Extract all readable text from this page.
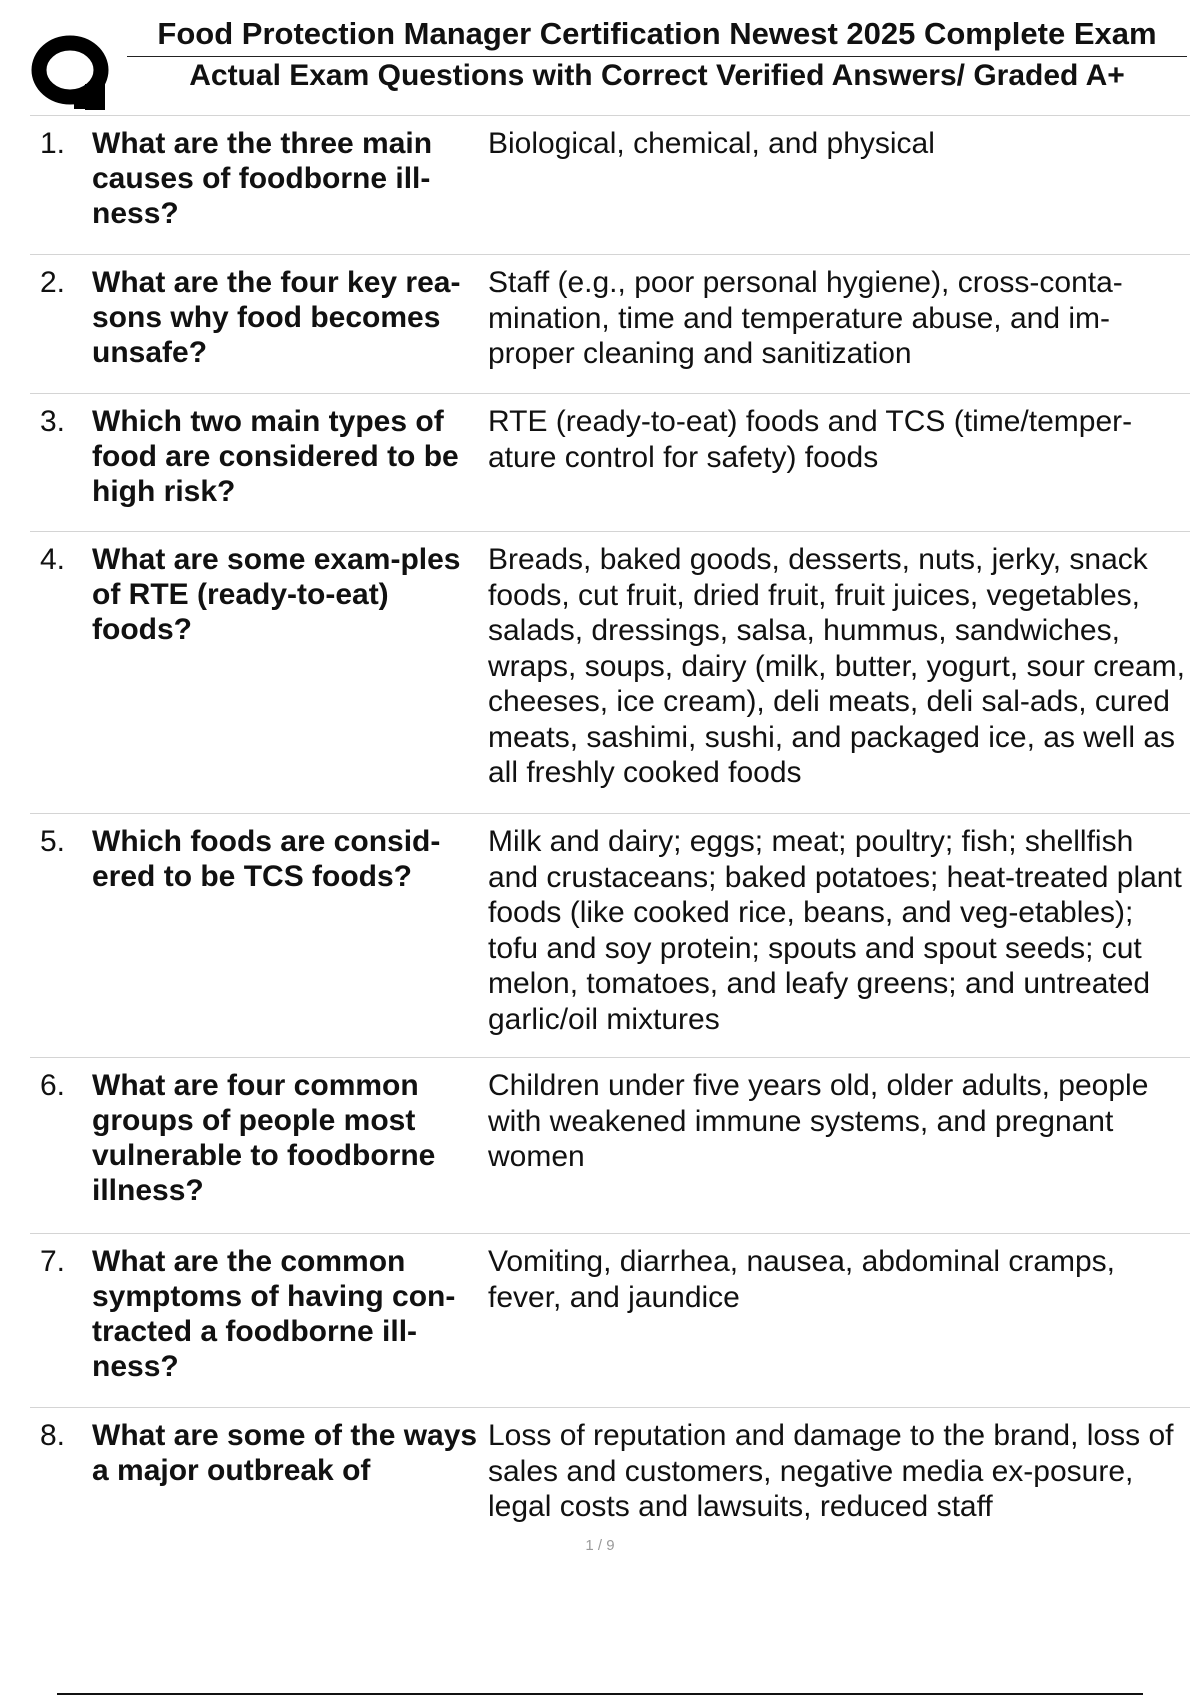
Food Protection Manager Certification Newest 2025 Complete Exam
Actual Exam Questions with Correct Verified Answers/ Graded A+
1. What are the three main causes of foodborne ill-ness?
Biological, chemical, and physical
2. What are the four key rea-sons why food becomes unsafe?
Staff (e.g., poor personal hygiene), cross-conta-mination, time and temperature abuse, and im-proper cleaning and sanitization
3. Which two main types of food are considered to be high risk?
RTE (ready-to-eat) foods and TCS (time/temper-ature control for safety) foods
4. What are some exam-ples of RTE (ready-to-eat) foods?
Breads, baked goods, desserts, nuts, jerky, snack foods, cut fruit, dried fruit, fruit juices, vegetables, salads, dressings, salsa, hummus, sandwiches, wraps, soups, dairy (milk, butter, yogurt, sour cream, cheeses, ice cream), deli meats, deli sal-ads, cured meats, sashimi, sushi, and packaged ice, as well as all freshly cooked foods
5. Which foods are consid-ered to be TCS foods?
Milk and dairy; eggs; meat; poultry; fish; shellfish and crustaceans; baked potatoes; heat-treated plant foods (like cooked rice, beans, and veg-etables); tofu and soy protein; spouts and spout seeds; cut melon, tomatoes, and leafy greens; and untreated garlic/oil mixtures
6. What are four common groups of people most vulnerable to foodborne illness?
Children under five years old, older adults, people with weakened immune systems, and pregnant women
7. What are the common symptoms of having con-tracted a foodborne ill-ness?
Vomiting, diarrhea, nausea, abdominal cramps, fever, and jaundice
8. What are some of the ways a major outbreak of
Loss of reputation and damage to the brand, loss of sales and customers, negative media ex-posure, legal costs and lawsuits, reduced staff
1 / 9
